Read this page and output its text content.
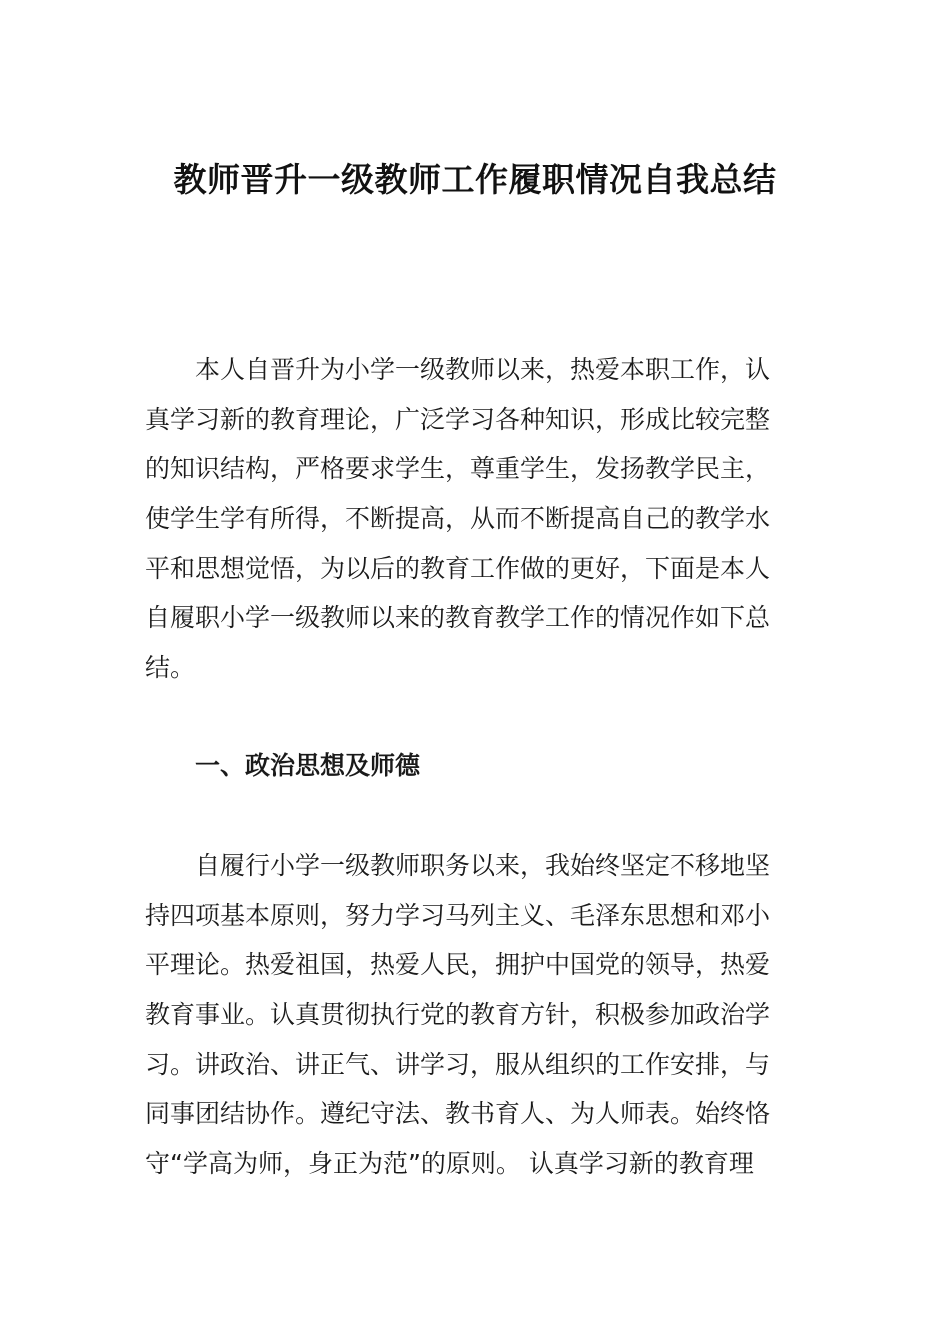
教师晋升一级教师工作履职情况自我总结
本人自晋升为小学一级教师以来，热爱本职工作，认
真学习新的教育理论，广泛学习各种知识，形成比较完整
的知识结构，严格要求学生，尊重学生，发扬教学民主，
使学生学有所得，不断提高，从而不断提高自己的教学水
平和思想觉悟，为以后的教育工作做的更好，下面是本人
自履职小学一级教师以来的教育教学工作的情况作如下总
结。
一、政治思想及师德
自履行小学一级教师职务以来，我始终坚定不移地坚
持四项基本原则，努力学习马列主义、毛泽东思想和邓小
平理论。热爱祖国，热爱人民，拥护中国党的领导，热爱
教育事业。认真贯彻执行党的教育方针，积极参加政治学
习。讲政治、讲正气、讲学习，服从组织的工作安排，与
同事团结协作。遵纪守法、教书育人、为人师表。始终恪
守“学高为师，身正为范”的原则。 认真学习新的教育理
